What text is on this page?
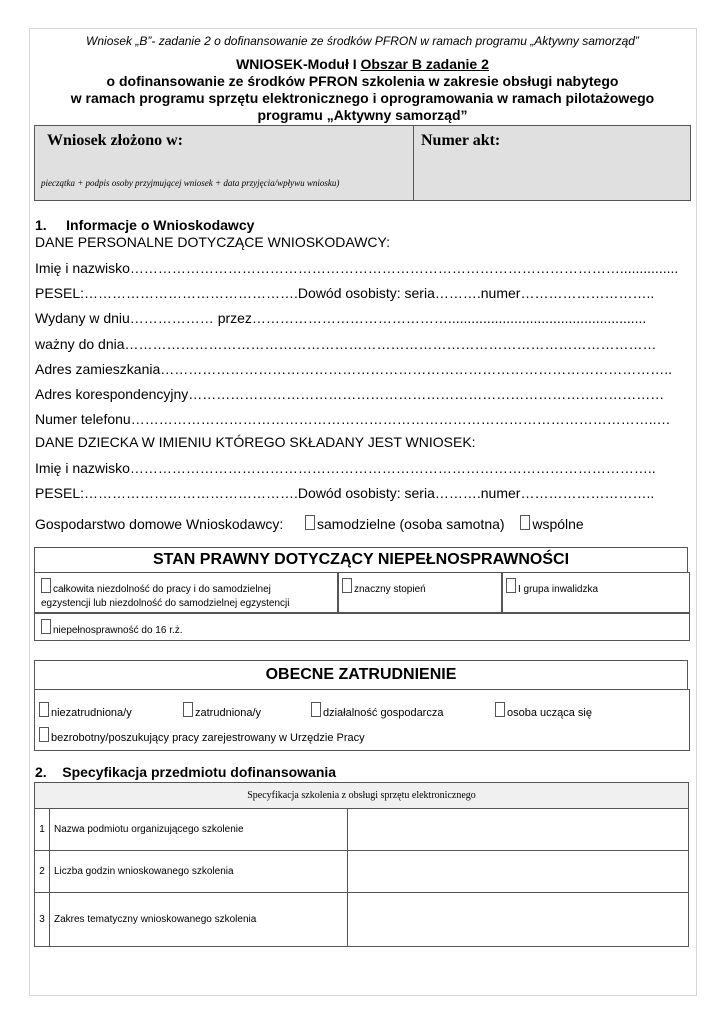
Wniosek „B”- zadanie 2 o dofinansowanie ze środków PFRON w ramach programu „Aktywny samorząd”
WNIOSEK-Moduł I Obszar B zadanie 2
o dofinansowanie ze środków PFRON szkolenia w zakresie obsługi nabytego
w ramach programu sprzętu elektronicznego i oprogramowania w ramach pilotażowego
programu „Aktywny samorząd”
Wniosek złożono w:
pieczątka + podpis osoby przyjmującej wniosek + data przyjęcia/wpływu wniosku)
Numer akt:
1.     Informacje o Wnioskodawcy
DANE PERSONALNE DOTYCZĄCE WNIOSKODAWCY:
Imię i nazwisko……………………………………………………………………………………………...............
PESEL:……………………………………….Dowód osobisty: seria……….numer………………………..
Wydany w dniu……………… przez……………………………………...................................................
ważny do dnia……………………………………………………………………………………………………
Adres zamieszkania………………………………………………………………………………………………..
Adres korespondencyjny…………………………………………………………………………………………
Numer telefonu…………………………………………………………………………………………………..…
DANE DZIECKA W IMIENIU KTÓREGO SKŁADANY JEST WNIOSEK:
Imię i nazwisko…………………………………………………………………………………………………..
PESEL:……………………………………….Dowód osobisty: seria……….numer………………………..
Gospodarstwo domowe Wnioskodawcy: samodzielne (osoba samotna) wspólne
STAN PRAWNY DOTYCZĄCY NIEPEŁNOSPRAWNOŚCI
całkowita niezdolność do pracy i do samodzielnej
egzystencji lub niezdolność do samodzielnej egzystencji
znaczny stopień	I grupa inwalidzka
niepełnosprawność do 16 r.ż.
OBECNE ZATRUDNIENIE
niezatrudniona/y	zatrudniona/y	działalność gospodarcza	osoba ucząca się
bezrobotny/poszukujący pracy zarejestrowany w Urzędzie Pracy
2.    Specyfikacja przedmiotu dofinansowania
Specyfikacja szkolenia z obsługi sprzętu elektronicznego		
1	Nazwa podmiotu organizującego szkolenie	
2	Liczba godzin wnioskowanego szkolenia	
3	Zakres tematyczny wnioskowanego szkolenia	
